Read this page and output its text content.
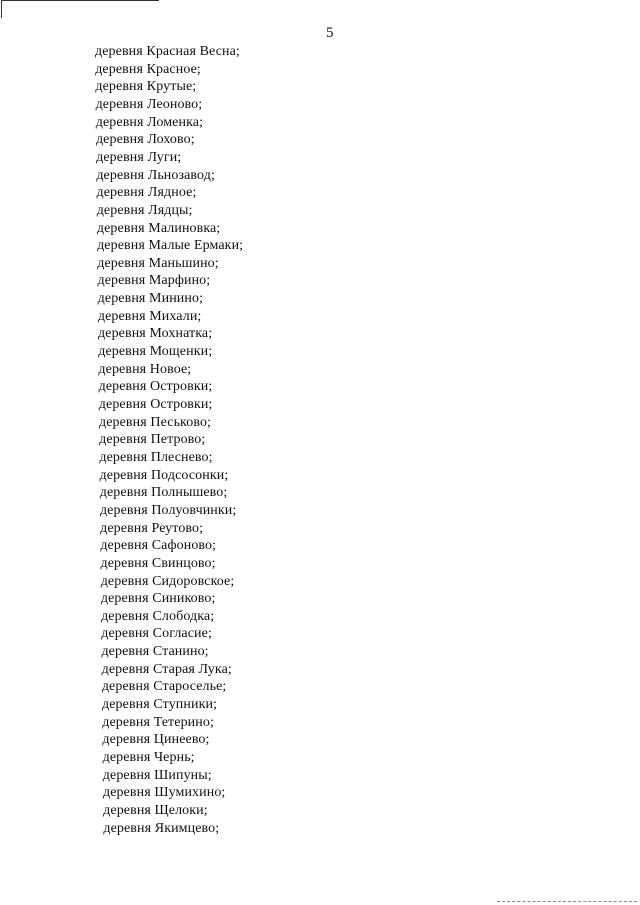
5
деревня Красная Весна;
деревня Красное;
деревня Крутые;
деревня Леоново;
деревня Ломенка;
деревня Лохово;
деревня Луги;
деревня Льнозавод;
деревня Лядное;
деревня Лядцы;
деревня Малиновка;
деревня Малые Ермаки;
деревня Маньшино;
деревня Марфино;
деревня Минино;
деревня Михали;
деревня Мохнатка;
деревня Мощенки;
деревня Новое;
деревня Островки;
деревня Островки;
деревня Песьково;
деревня Петрово;
деревня Плеснево;
деревня Подсосонки;
деревня Полнышево;
деревня Полуовчинки;
деревня Реутово;
деревня Сафоново;
деревня Свинцово;
деревня Сидоровское;
деревня Синиково;
деревня Слободка;
деревня Согласие;
деревня Станино;
деревня Старая Лука;
деревня Староселье;
деревня Ступники;
деревня Тетерино;
деревня Цинеево;
деревня Чернь;
деревня Шипуны;
деревня Шумихино;
деревня Щелоки;
деревня Якимцево;
